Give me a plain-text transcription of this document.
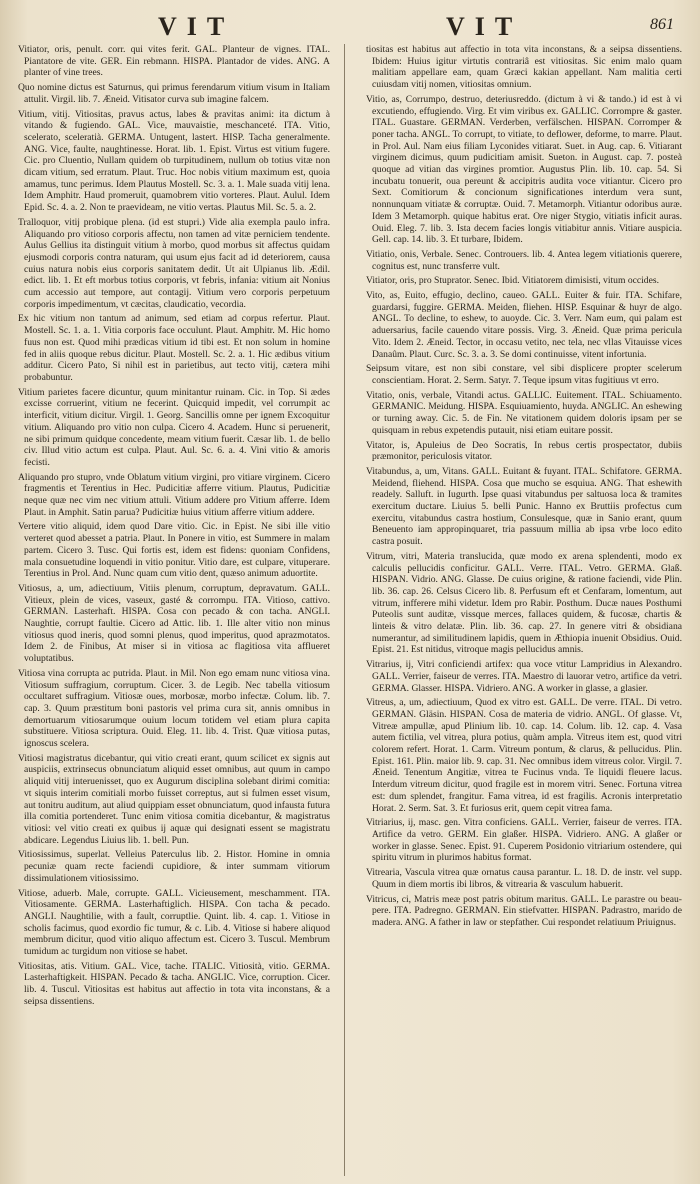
VIT	VIT	861

Vitiator, oris, penult. corr. qui vites ferit. GAL. Planteur de vignes. ITAL. Piantatore de vite. GER. Ein rebmann. HISPA. Plantador de vides. ANG. A planter of vine trees.

Quo nomine dictus est Saturnus, qui primus ferendarum vitium visum in Italiam attulit. Virgil. lib. 7. Æneid. Vitisator curva sub imagine falcem.

Vitium, vitij. Vitiositas, pravus actus, labes & pravitas animi: ita dictum à vitando & fugiendo. GAL. Vice, mauvaistie, meschanceté. ITA. Vitio, scelerato, sceleratià. GERMA. Untugent, lastert. HISP. Tacha generalmente. ANG. Vice, faulte, naughtinesse. Horat. lib. 1. Epist. Virtus est vitium fugere. Cic. pro Cluentio, Nullam quidem ob turpitudinem, nullum ob totius vitæ non dicam vitium, sed erratum. Plaut. Truc. Hoc nobis vitium maximum est, quoia amamus, tunc perimus. Idem Plautus Mostell. Sc. 3. a. 1. Male suada vitij lena. Idem Amphitr. Haud promeruit, quamobrem vitio vorteres. Plaut. Aulul. Idem Epid. Sc. 4. a. 2. Non te praevideam, ne vitio vertas. Plautus Mil. Sc. 5. a. 2.

Tralloquor, vitij probique plena. (id est stupri.) Vide alia exempla paulo infra. Aliquando pro vitioso corporis affectu, non tamen ad vitæ perniciem tendente. Aulus Gellius ita distinguit vitium à morbo, quod morbus sit affectus quidam ejusmodi corporis contra naturam, qui usum ejus facit ad id deteriorem, causa cuius natura nobis eius corporis sanitatem dedit. Ut ait Ulpianus lib. Ædil. edict. lib. 1. Et eft morbus totius corporis, vt febris, infania: vitium ait Nonius cum accessio aut tempore, aut contagij. Vitium vero corporis perpetuum corporis impedimentum, vt cæcitas, claudicatio, vecordia.

Ex hic vitium non tantum ad animum, sed etiam ad corpus refertur. Plaut. Mostell. Sc. 1. a. 1. Vitia corporis face occulunt. Plaut. Amphitr. M. Hic homo fuus non est. Quod mihi prædicas vitium id tibi est. Et non solum in homine fed in aliis quoque rebus dicitur. Plaut. Mostell. Sc. 2. a. 1. Hic ædibus vitium additur. Cicero Pato, Si nihil est in parietibus, aut tecto vitij, cætera mihi probabuntur.

Vitium parietes facere dicuntur, quum minitantur ruinam. Cic. in Top. Si ædes excisse corruerint, vitium ne fecerint. Quicquid impedit, vel corrumpit ac interficit, vitium dicitur. Virgil. 1. Georg. Sancillis omne per ignem Excoquitur vitium. Aliquando pro vitio non culpa. Cicero 4. Academ. Hunc si peruenerit, ne sibi primum quidque concedente, meam vitium fuerit. Cæsar lib. 1. de bello civ. Illud vitio actum est culpa. Plaut. Aul. Sc. 6. a. 4. Vini vitio & amoris fecisti.

Aliquando pro stupro, vnde Oblatum vitium virgini, pro vitiare virginem. Cicero fragmentis et Terentius in Hec. Pudicitiæ afferre vitium. Plautus, Pudicitiæ neque quæ nec vim nec vitium attuli. Vitium addere pro Vitium afferre. Idem Plaut. in Amphit. Satin parua? Pudicitiæ huius vitium afferre vitium addere.

Vertere vitio aliquid, idem quod Dare vitio. Cic. in Epist. Ne sibi ille vitio verteret quod abesset a patria. Plaut. In Ponere in vitio, est Summere in malam partem. Cicero 3. Tusc. Qui fortis est, idem est fidens: quoniam Confidens, mala consuetudine loquendi in vitio ponitur. Vitio dare, est culpare, vituperare. Terentius in Prol. And. Nunc quam cum vitio dent, quæso animum aduortite.

Vitiosus, a, um, adiectiuum, Vitiis plenum, corruptum, depravatum. GALL. Vitieux, plein de vices, vaseux, gasté & corrompu. ITA. Vitioso, cattivo. GERMAN. Lasterhaft. HISPA. Cosa con pecado & con tacha. ANGLI. Naughtie, corrupt faultie. Cicero ad Attic. lib. 1. Ille alter vitio non minus vitiosus quod ineris, quod somni plenus, quod imperitus, quod aprazmotatos. Idem 2. de Finibus, At miser si in vitiosa ac flagitiosa vita afflueret voluptatibus.

Vitiosa vina corrupta ac putrida. Plaut. in Mil. Non ego emam nunc vitiosa vina. Vitiosum suffragium, corruptum. Cicer. 3. de Legib. Nec tabella vitiosum occultaret suffragium. Vitiosæ oues, morbosæ, morbo infectæ. Colum. lib. 7. cap. 3. Quum præstitum boni pastoris vel prima cura sit, annis omnibus in demortuarum vitiosarumque ouium locum totidem vel etiam plura capita substituere. Vitiosa scriptura. Ouid. Eleg. 11. lib. 4. Trist. Quæ vitiosa putas, ignoscus scelera.

Vitiosi magistratus dicebantur, qui vitio creati erant, quum scilicet ex signis aut auspiciis, extrinsecus obnunciatum aliquid esset omnibus, aut quum in campo aliquid vitij interuenisset, quo ex Augurum disciplina solebant dirimi comitia: vt siquis interim comitiali morbo fuisset correptus, aut si fulmen esset visum, aut tonitru auditum, aut aliud quippiam esset obnunciatum, quod infausta futura illa comitia portenderet. Tunc enim vitiosa comitia dicebantur, & magistratus vitiosi: vel vitio creati ex quibus ij aquæ qui designati essent se magistratu abdicare. Legendus Liuius lib. 1. bell. Pun.

Vitiosissimus, superlat. Velleius Paterculus lib. 2. Histor. Homine in omnia pecuniæ quam recte faciendi cupidiore, & inter summam vitiorum dissimulationem vitiosissimo.

Vitiose, aduerb. Male, corrupte. GALL. Vicieusement, meschamment. ITA. Vitiosamente. GERMA. Lasterhaftiglich. HISPA. Con tacha & pecado. ANGLI. Naughtilie, with a fault, corruptlie. Quint. lib. 4. cap. 1. Vitiose in scholis facimus, quod exordio fic tumur, & c. Lib. 4. Vitiose si habere aliquod membrum dicitur, quod vitio aliquo affectum est. Cicero 3. Tuscul. Membrum tumidum ac turgidum non vitiose se habet.

Vitiositas, atis. Vitium. GAL. Vice, tache. ITALIC. Vitiosità, vitio. GERMA. Lasterhaftigkeit. HISPAN. Pecado & tacha. ANGLIC. Vice, corruption. Cicer. lib. 4. Tuscul. Vitiositas est habitus aut affectio in tota vita inconstans, & a seipsa dissentiens.

tiositas est habitus aut affectio in tota vita inconstans, & a seipsa dissentiens. Ibidem: Huius igitur virtutis contrariâ est vitiositas. Sic enim malo quam malitiam appellare eam, quam Græci kakian appellant. Nam malitia certi cuiusdam vitij nomen, vitiositas omnium.

Vitio, as, Corrumpo, destruo, deteriusreddo. (dictum à vi & tando.) id est à vi excutiendo, effugiendo. Virg. Et vim viribus ex. GALLIC. Corrompre & gaster. ITAL. Guastare. GERMAN. Verderben, verfälschen. HISPAN. Corromper & poner tacha. ANGL. To corrupt, to vitiate, to deflower, deforme, to marre. Plaut. in Prol. Aul. Nam eius filiam Lyconides vitiarat. Suet. in Aug. cap. 6. Vitiarant virginem dicimus, quum pudicitiam amisit. Sueton. in August. cap. 7. posteà quoque ad vitian das virgines promtior. Augustus Plin. lib. 10. cap. 54. Si incubatu tonuerit, oua pereunt & accipitris audita voce vitiantur. Cicero pro Sext. Comitiorum & concionum significationes interdum vera sunt, nonnunquam vitiatæ & corruptæ. Ouid. 7. Metamorph. Vitiantur odoribus auræ. Idem 3 Metamorph. quique habitus erat. Ore niger Stygio, vitiatis inficit auras. Ouid. Eleg. 7. lib. 3. Ista decem facies longis vitiabitur annis. Vitiare auspicia. Gell. cap. 14. lib. 3. Et turbare, Ibidem.

Vitiatio, onis, Verbale. Senec. Controuers. lib. 4. Antea legem vitiationis querere, cognitus est, nunc transferre vult.

Vitiator, oris, pro Stuprator. Senec. Ibid. Vitiatorem dimisisti, vitum occides.

Vito, as, Euito, effugio, declino, caueo. GALL. Euiter & fuir. ITA. Schifare, guardarsi, fuggire. GERMA. Meiden, fliehen. HISP. Esquinar & huyr de algo. ANGL. To decline, to eshew, to auoyde. Cic. 3. Verr. Nam eum, qui palam est aduersarius, facile cauendo vitare possis. Virg. 3. Æneid. Quæ prima pericula Vito. Idem 2. Æneid. Tector, in occasu vetito, nec tela, nec vllas Vitauisse vices Danaûm. Plaut. Curc. Sc. 3. a. 3. Se domi continuisse, vitent infortunia.

Seipsum vitare, est non sibi constare, vel sibi displicere propter scelerum conscientiam. Horat. 2. Serm. Satyr. 7. Teque ipsum vitas fugitiuus vt erro.

Vitatio, onis, verbale, Vitandi actus. GALLIC. Euitement. ITAL. Schiuamento. GERMANIC. Meidung. HISPA. Esquiuamiento, huyda. ANGLIC. An eshewing or turning away. Cic. 5. de Fin. Ne vitationem quidem doloris ipsam per se quisquam in rebus expetendis putauit, nisi etiam euitare possit.

Vitator, is, Apuleius de Deo Socratis, In rebus certis prospectator, dubiis præmonitor, periculosis vitator.

Vitabundus, a, um, Vitans. GALL. Euitant & fuyant. ITAL. Schifatore. GERMA. Meidend, fliehend. HISPA. Cosa que mucho se esquiua. ANG. That eshewith readely. Salluft. in Iugurth. Ipse quasi vitabundus per saltuosa loca & tramites exercitum ductare. Liuius 5. belli Punic. Hanno ex Bruttiis profectus cum exercitu, vitabundus castra hostium, Consulesque, quæ in Sanio erant, quum Beneuento iam appropinquaret, tria passuum millia ab ipsa vrbe loco edito castra posuit.

Vitrum, vitri, Materia translucida, quæ modo ex arena splendenti, modo ex calculis pellucidis conficitur. GALL. Verre. ITAL. Vetro. GERMA. Glaß. HISPAN. Vidrio. ANG. Glasse. De cuius origine, & ratione faciendi, vide Plin. lib. 36. cap. 26. Celsus Cicero lib. 8. Perfusum eft et Cenfaram, lomentum, aut vitrum, infferere mihi videtur. Idem pro Rabir. Posthum. Ducæ naues Posthumi Puteolis sunt auditæ, vissque merces, fallaces quidem, & fucosæ, chartis & linteis & vitro delatæ. Plin. lib. 36. cap. 27. In genere vitri & obsidiana numerantur, ad similitudinem lapidis, quem in Æthiopia inuenit Obsidius. Ouid. Epist. 21. Est nitidus, vitroque magis pellucidus amnis.

Vitrarius, ij, Vitri conficiendi artifex: qua voce vtitur Lampridius in Alexandro. GALL. Verrier, faiseur de verres. ITA. Maestro di lauorar vetro, artifice da vetri. GERMA. Glasser. HISPA. Vidriero. ANG. A worker in glasse, a glasier.

Vitreus, a, um, adiectiuum, Quod ex vitro est. GALL. De verre. ITAL. Di vetro. GERMAN. Gläsin. HISPAN. Cosa de materia de vidrio. ANGL. Of glasse. Vt, Vitreæ ampullæ, apud Plinium lib. 10. cap. 14. Colum. lib. 12. cap. 4. Vasa autem fictilia, vel vitrea, plura potius, quàm ampla. Vitreus item est, quod vitri colorem refert. Horat. 1. Carm. Vitreum pontum, & clarus, & pellucidus. Plin. Epist. 161. Plin. maior lib. 9. cap. 31. Nec omnibus idem vitreus color. Virgil. 7. Æneid. Tenentum Angitiæ, vitrea te Fucinus vnda. Te liquidi fleuere lacus. Interdum vitreum dicitur, quod fragile est in morem vitri. Senec. Fortuna vitrea est: dum splendet, frangitur. Fama vitrea, id est fragilis. Acronis interpretatio Horat. 2. Serm. Sat. 3. Et furiosus erit, quem cepit vitrea fama.

Vitriarius, ij, masc. gen. Vitra conficiens. GALL. Verrier, faiseur de verres. ITA. Artifice da vetro. GERM. Ein glaßer. HISPA. Vidriero. ANG. A glaßer or worker in glasse. Senec. Epist. 91. Cuperem Posidonio vitriarium ostendere, qui spiritu vitrum in plurimos habitus format.

Vitrearia, Vascula vitrea quæ ornatus causa parantur. L. 18. D. de instr. vel supp. Quum in diem mortis ibi libros, & vitrearia & vasculum habuerit.

Vitricus, ci, Matris meæ post patris obitum maritus. GALL. Le parastre ou beau-pere. ITA. Padregno. GERMAN. Ein stiefvatter. HISPAN. Padrastro, marido de madera. ANG. A father in law or stepfather. Cui respondet relatiuum Priuignus.
